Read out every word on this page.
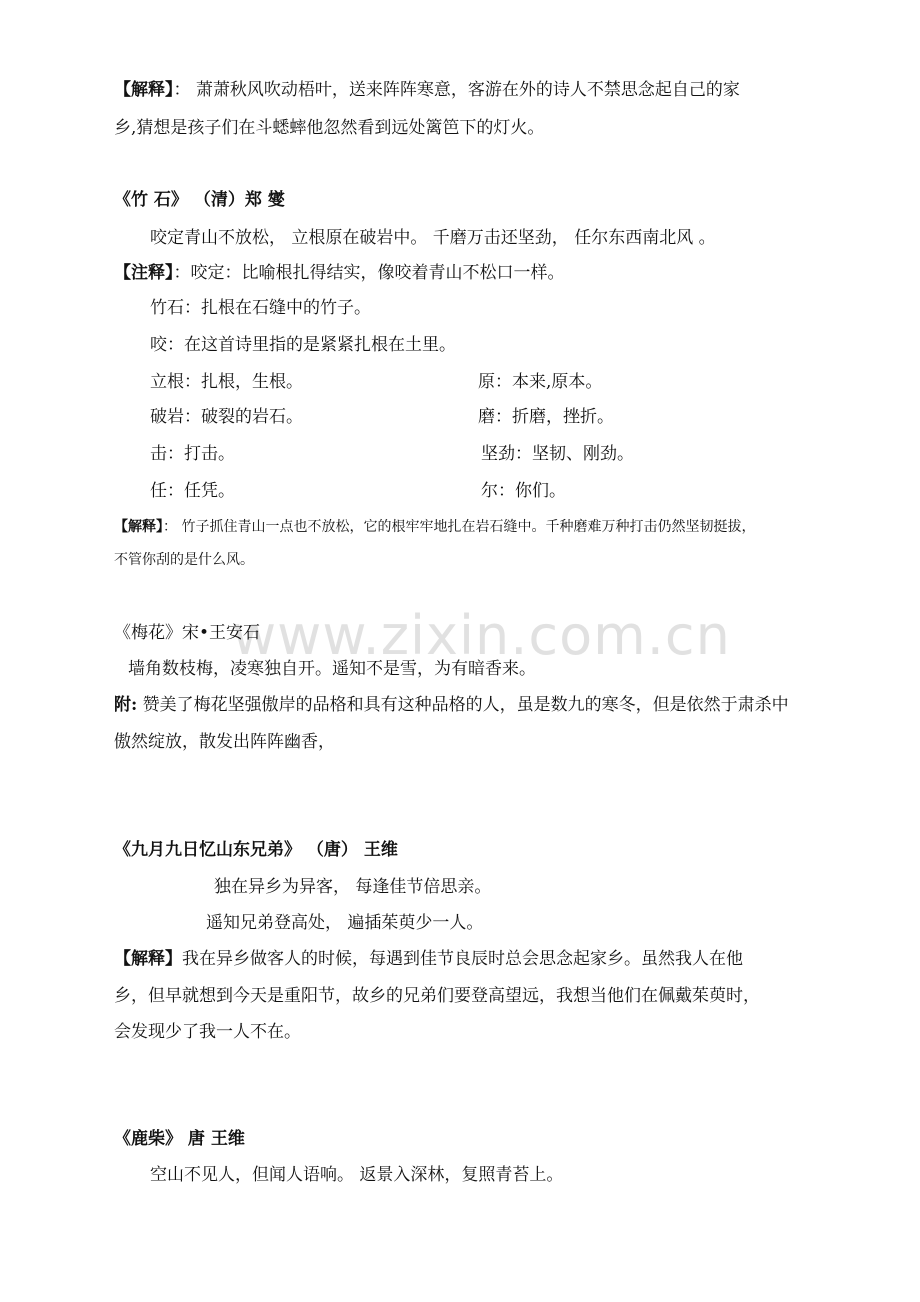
【解释】： 萧萧秋风吹动梧叶，送来阵阵寒意，客游在外的诗人不禁思念起自己的家
乡,猜想是孩子们在斗蟋蟀他忽然看到远处篱笆下的灯火。
《竹 石》 （清）郑 燮
咬定青山不放松， 立根原在破岩中。 千磨万击还坚劲， 任尔东西南北风 。
【注释】：咬定：比喻根扎得结实，像咬着青山不松口一样。
竹石：扎根在石缝中的竹子。
咬：在这首诗里指的是紧紧扎根在土里。
立根：扎根，生根。	原：本来,原本。
破岩：破裂的岩石。	磨：折磨，挫折。
击：打击。	坚劲：坚韧、刚劲。
任：任凭。	尔：你们。
【解释】： 竹子抓住青山一点也不放松，它的根牢牢地扎在岩石缝中。千种磨难万种打击仍然坚韧挺拔，
不管你刮的是什么风。
www.zixin.com.cn
《梅花》宋•王安石
墙角数枝梅，凌寒独自开。遥知不是雪，为有暗香来。
附: 赞美了梅花坚强傲岸的品格和具有这种品格的人，虽是数九的寒冬，但是依然于肃杀中
傲然绽放，散发出阵阵幽香，
《九月九日忆山东兄弟》 （唐） 王维
独在异乡为异客， 每逢佳节倍思亲。
遥知兄弟登高处， 遍插茱萸少一人。
【解释】我在异乡做客人的时候，每遇到佳节良辰时总会思念起家乡。虽然我人在他
乡，但早就想到今天是重阳节，故乡的兄弟们要登高望远，我想当他们在佩戴茱萸时，
会发现少了我一人不在。
《鹿柴》 唐 王维
空山不见人，但闻人语响。 返景入深林，复照青苔上。
